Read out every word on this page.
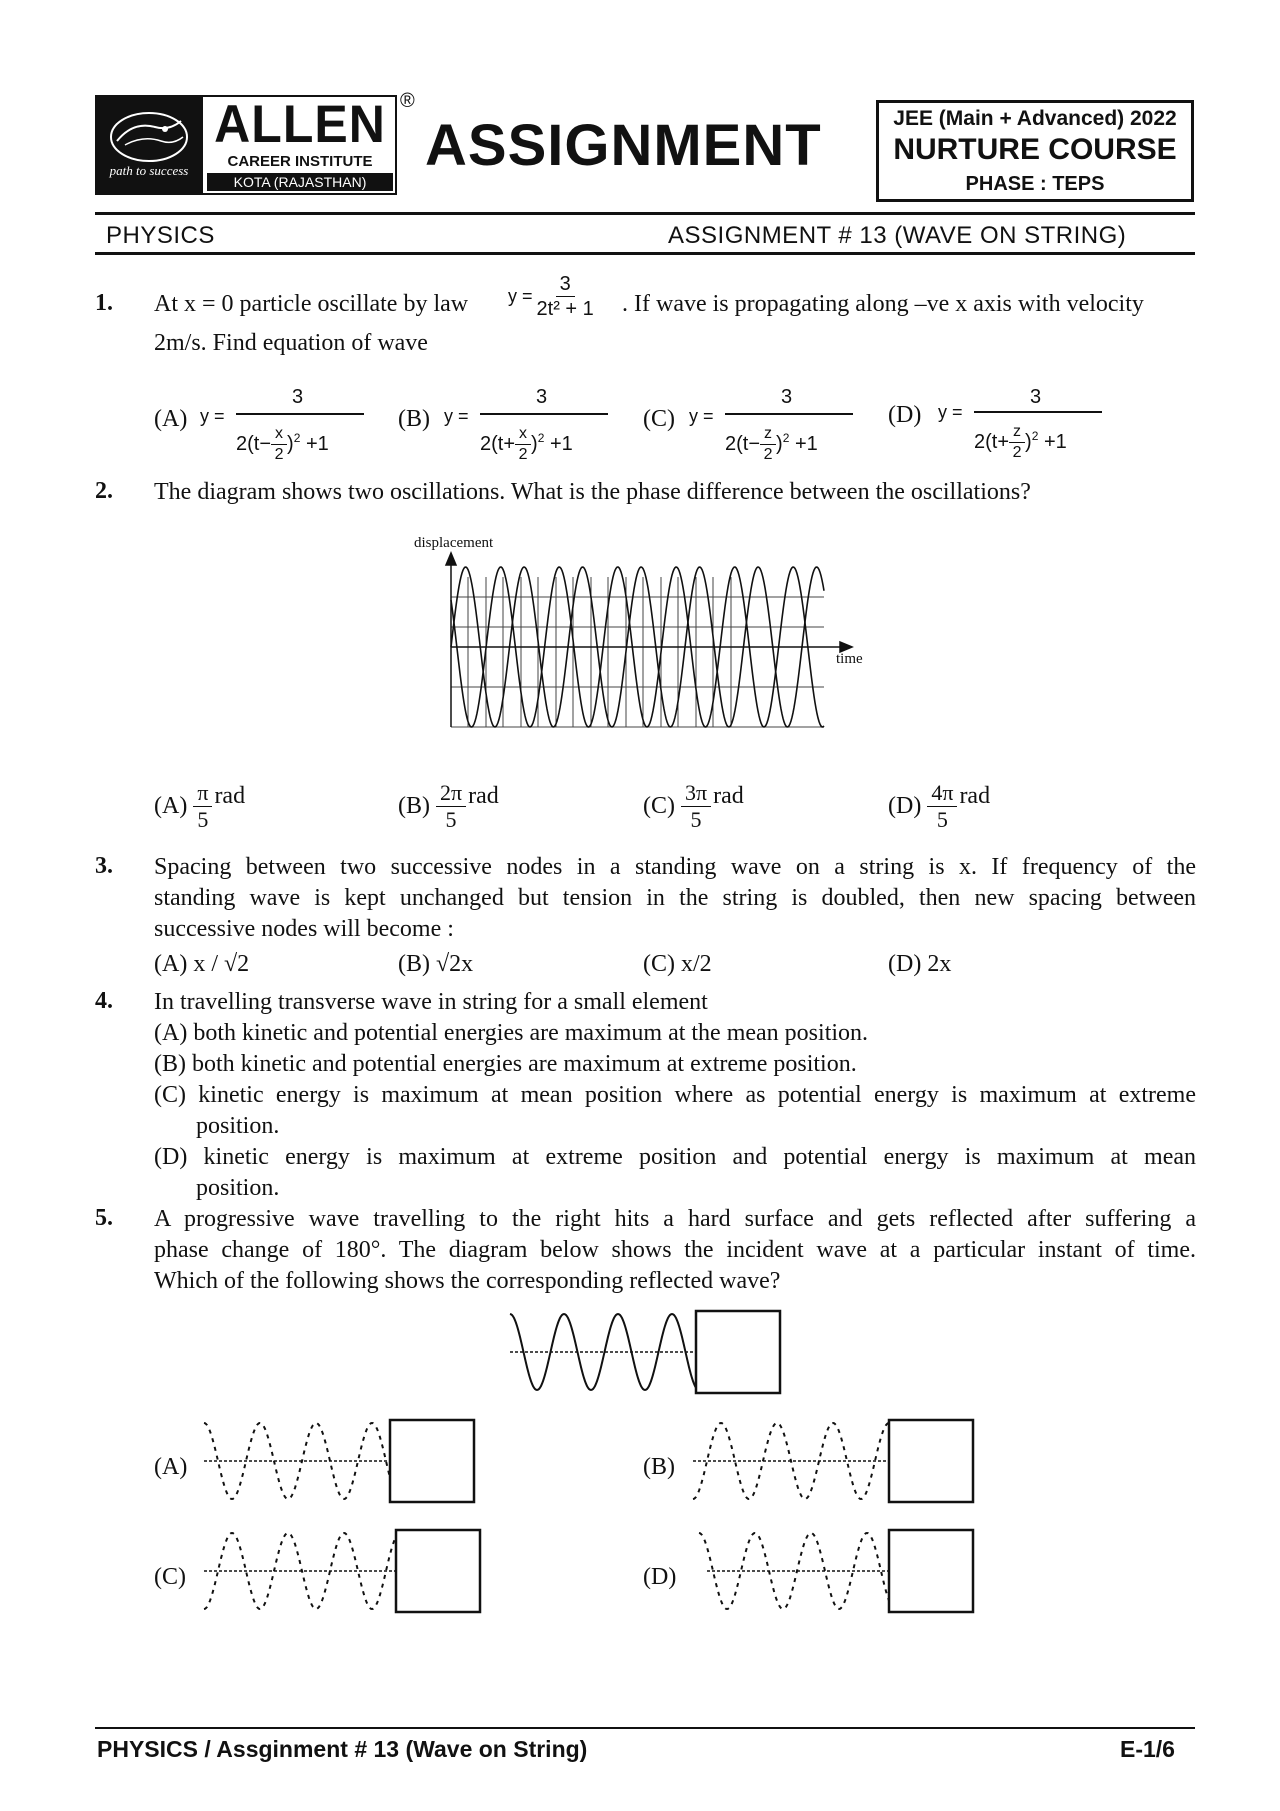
path to success
ALLEN
CAREER INSTITUTE
KOTA (RAJASTHAN)
®
ASSIGNMENT	JEE (Main + Advanced) 2022
NURTURE COURSE
PHASE : TEPS
PHYSICS	ASSIGNMENT # 13 (WAVE ON STRING)
1. At x = 0 particle oscillate by law $y = \frac{3}{\text{2t² + 1}}$ . If wave is propagating along –ve x axis with velocity
2m/s. Find equation of wave
(A) y =
3
$2(t- \frac{x}{2} )^2 +1$
(B) y =
3
$2(t+ \frac{x}{2} )^2 +1$
(C) y =
3
$2(t- \frac{z}{2} )^2 +1$
(D) y =
3
$2(t+ \frac{z}{2} )^2 +1$
2. The diagram shows two oscillations. What is the phase difference between the oscillations?
displacement
time
$(A) \frac{\pi}{5}$ rad	$(B) \frac{2\pi}{5}$ rad	$(C) \frac{3\pi}{5}$ rad	$(D) \frac{4\pi}{5}$ rad
3. Spacing between two successive nodes in a standing wave on a string is x. If frequency of the
standing wave is kept unchanged but tension in the string is doubled, then new spacing between
successive nodes will become :
(A) x / √2	(B) √2x	(C) x/2	(D) 2x
4. In travelling transverse wave in string for a small element
(A) both kinetic and potential energies are maximum at the mean position.
(B) both kinetic and potential energies are maximum at extreme position.
(C) kinetic energy is maximum at mean position where as potential energy is maximum at extreme
position.
(D) kinetic energy is maximum at extreme position and potential energy is maximum at mean
position.
5. A progressive wave travelling to the right hits a hard surface and gets reflected after suffering a
phase change of 180°. The diagram below shows the incident wave at a particular instant of time.
Which of the following shows the corresponding reflected wave?
(A)	(B)
(C)	(D)
PHYSICS / Assginment # 13 (Wave on String)	E-1/6
